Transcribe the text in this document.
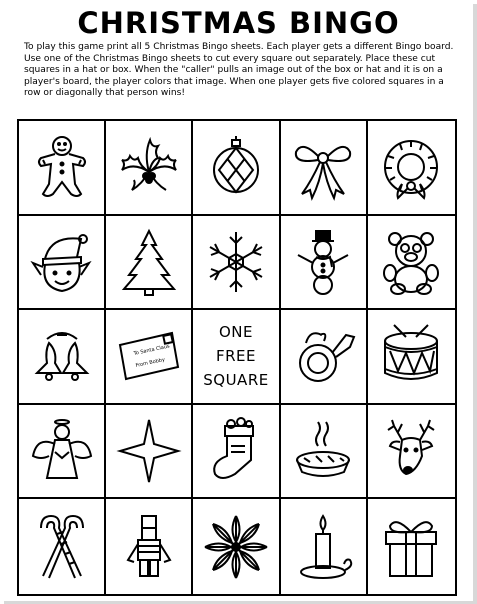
CHRISTMAS BINGO
To play this game print all 5 Christmas Bingo sheets. Each player gets a different Bingo board. Use one of the Christmas Bingo sheets to cut every square out separately. Place these cut squares in a hat or box. When the "caller" pulls an image out of the box or hat and it is on a player's board, the player colors that image. When one player gets five colored squares in a row or diagonally that person wins!
To Santa Claus
From Bobby
ONE
FREE
SQUARE
